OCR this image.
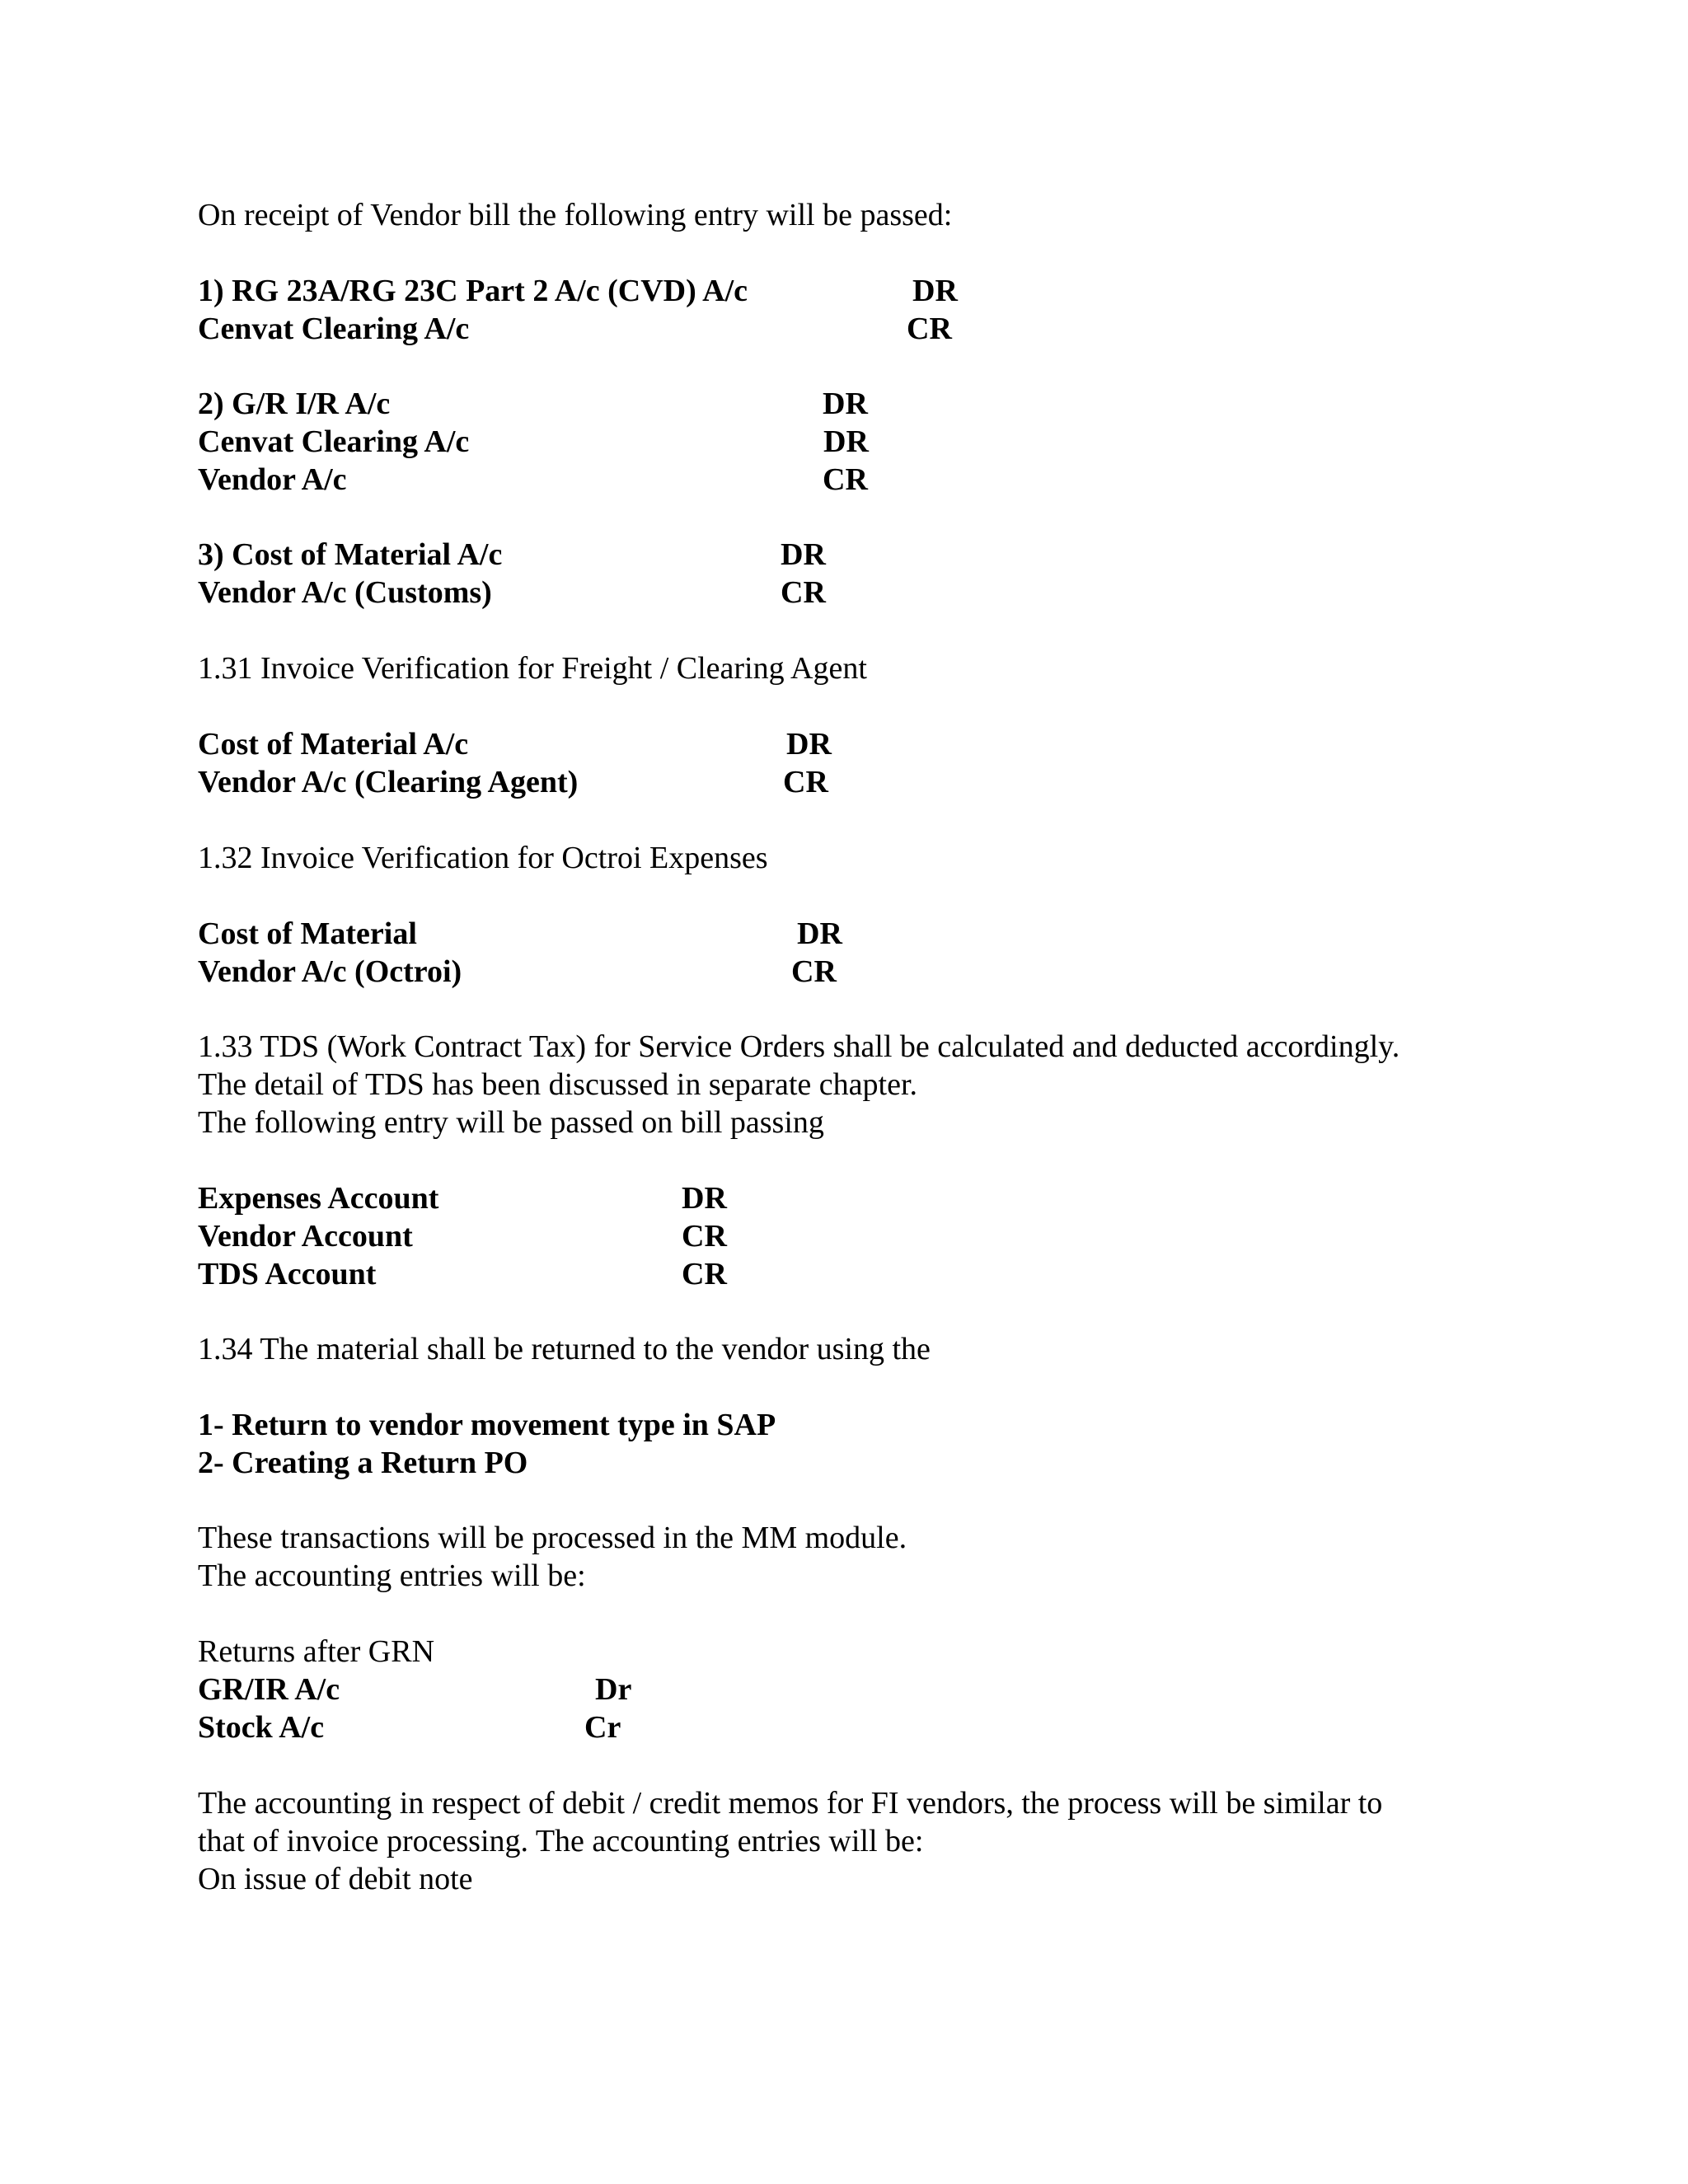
On receipt of Vendor bill the following entry will be passed:
1) RG 23A/RG 23C Part 2 A/c (CVD) A/c	DR
Cenvat Clearing A/c	CR
2) G/R I/R A/c	DR
Cenvat Clearing A/c	DR
Vendor A/c	CR
3) Cost of Material A/c	DR
Vendor A/c (Customs)	CR
1.31 Invoice Verification for Freight / Clearing Agent
Cost of Material A/c	DR
Vendor A/c (Clearing Agent)	CR
1.32 Invoice Verification for Octroi Expenses
Cost of Material	DR
Vendor A/c (Octroi)	CR
1.33 TDS (Work Contract Tax) for Service Orders shall be calculated and deducted accordingly.
The detail of TDS has been discussed in separate chapter.
The following entry will be passed on bill passing
Expenses Account	DR
Vendor Account	CR
TDS Account	CR
1.34 The material shall be returned to the vendor using the
1- Return to vendor movement type in SAP
2- Creating a Return PO
These transactions will be processed in the MM module.
The accounting entries will be:
Returns after GRN
GR/IR A/c	Dr
Stock A/c	Cr
The accounting in respect of debit / credit memos for FI vendors, the process will be similar to
that of invoice processing. The accounting entries will be:
On issue of debit note
